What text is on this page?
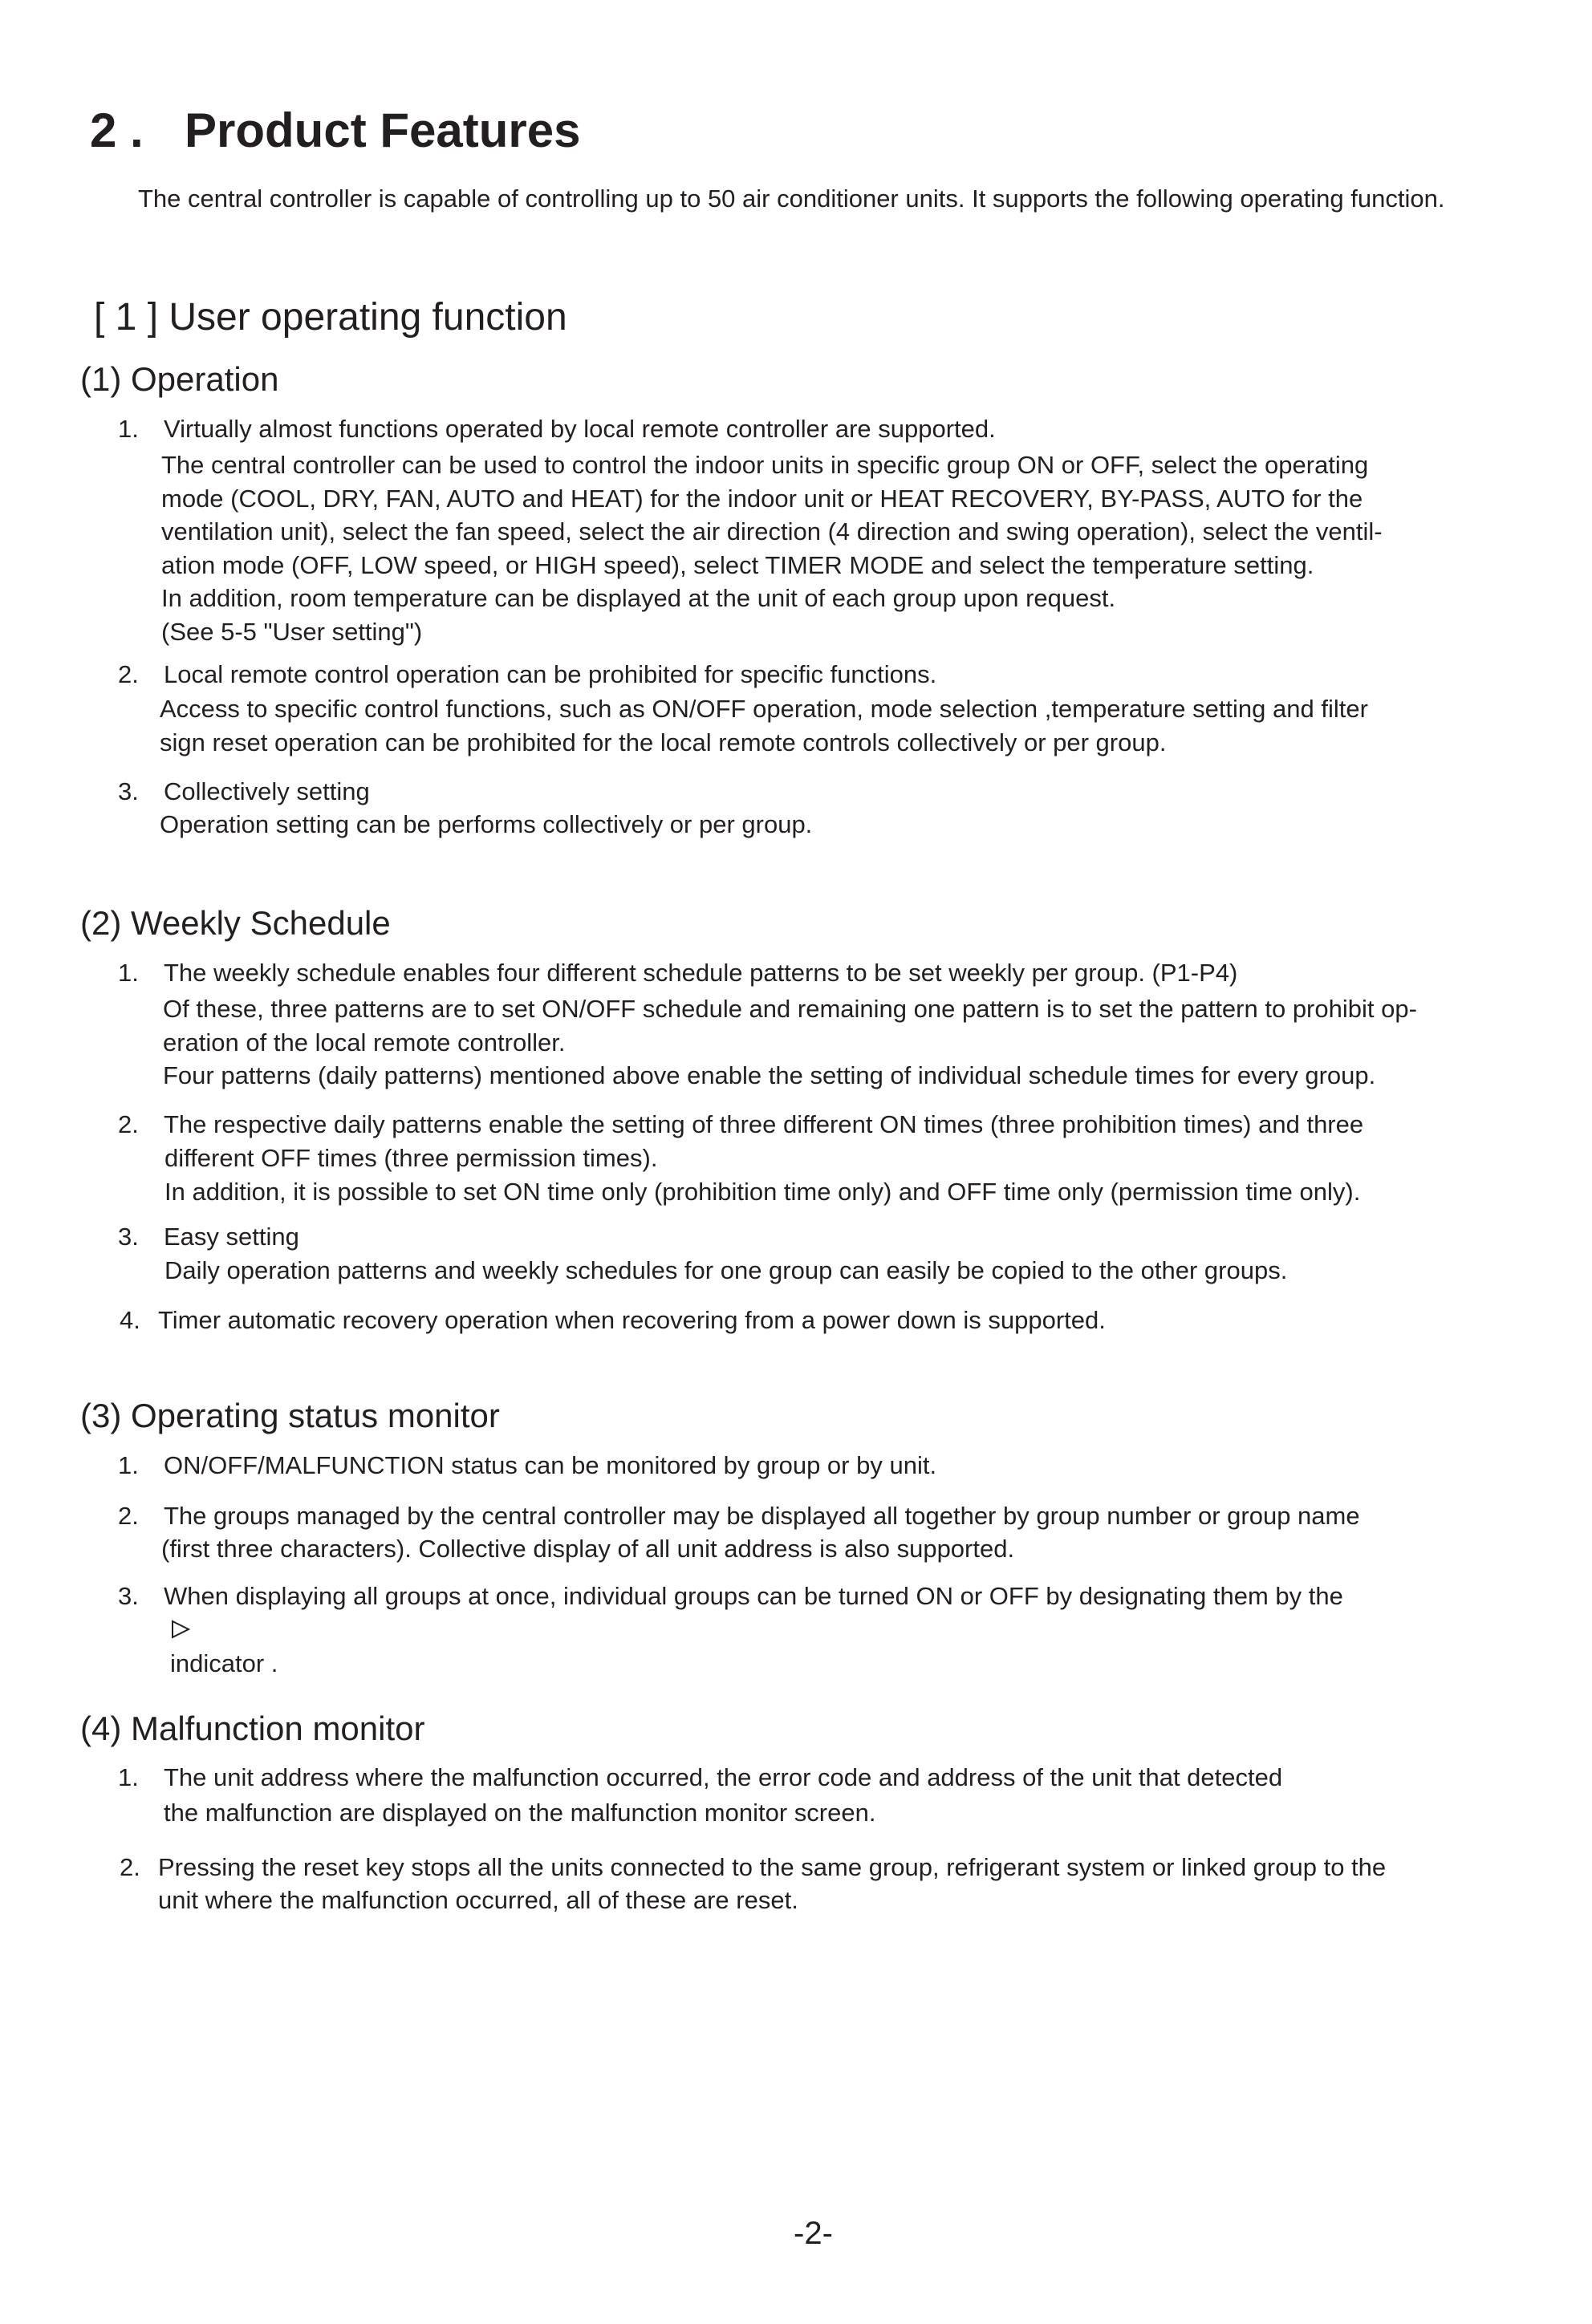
2 . Product Features
The central controller is capable of controlling up to 50 air conditioner units. It supports the following operating function.
[ 1 ] User operating function
(1) Operation
1. Virtually almost functions operated by local remote controller are supported.
The central controller can be used to control the indoor units in specific group ON or OFF, select the operating
mode (COOL, DRY, FAN, AUTO and HEAT) for the indoor unit or HEAT RECOVERY, BY-PASS, AUTO for the
ventilation unit), select the fan speed, select the air direction (4 direction and swing operation), select the ventil-
ation mode (OFF, LOW speed, or HIGH speed), select TIMER MODE and select the temperature setting.
In addition, room temperature can be displayed at the unit of each group upon request.
(See 5-5 "User setting")
2. Local remote control operation can be prohibited for specific functions.
Access to specific control functions, such as ON/OFF operation, mode selection ,temperature setting and filter
sign reset operation can be prohibited for the local remote controls collectively or per group.
3. Collectively setting
Operation setting can be performs collectively or per group.
(2) Weekly Schedule
1. The weekly schedule enables four different schedule patterns to be set weekly per group. (P1-P4)
Of these, three patterns are to set ON/OFF schedule and remaining one pattern is to set the pattern to prohibit op-
eration of the local remote controller.
Four patterns (daily patterns) mentioned above enable the setting of individual schedule times for every group.
2. The respective daily patterns enable the setting of three different ON times (three prohibition times) and three
different OFF times (three permission times).
In addition, it is possible to set ON time only (prohibition time only) and OFF time only (permission time only).
3. Easy setting
Daily operation patterns and weekly schedules for one group can easily be copied to the other groups.
4. Timer automatic recovery operation when recovering from a power down is supported.
(3) Operating status monitor
1. ON/OFF/MALFUNCTION status can be monitored by group or by unit.
2. The groups managed by the central controller may be displayed all together by group number or group name
(first three characters). Collective display of all unit address is also supported.
3. When displaying all groups at once, individual groups can be turned ON or OFF by designating them by the
indicator .
(4) Malfunction monitor
1. The unit address where the malfunction occurred, the error code and address of the unit that detected
the malfunction are displayed on the malfunction monitor screen.
2. Pressing the reset key stops all the units connected to the same group, refrigerant system or linked group to the
unit where the malfunction occurred, all of these are reset.
-2-
